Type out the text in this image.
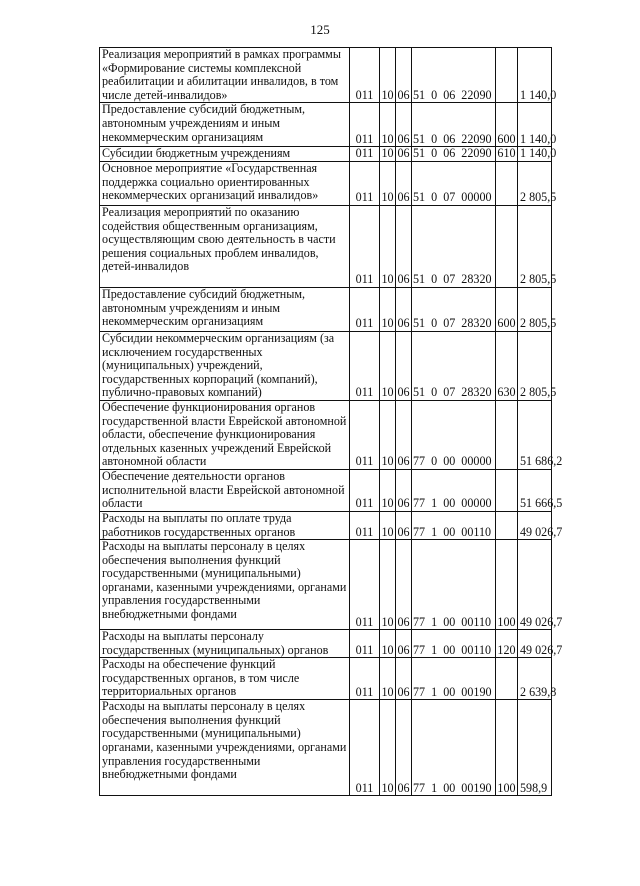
125
Реализация мероприятий в рамках программы «Формирование системы комплексной реабилитации и абилитации инвалидов, в том числе детей-инвалидов»	011	10	06	51 0 06 22090		1 140,0

Предоставление субсидий бюджетным, автономным учреждениям и иным некоммерческим организациям	011	10	06	51 0 06 22090	600	1 140,0

Субсидии бюджетным учреждениям	011	10	06	51 0 06 22090	610	1 140,0

Основное мероприятие «Государственная поддержка социально ориентированных некоммерческих организаций инвалидов»	011	10	06	51 0 07 00000		2 805,5

Реализация мероприятий по оказанию содействия общественным организациям, осуществляющим свою деятельность в части решения социальных проблем инвалидов, детей-инвалидов	011	10	06	51 0 07 28320		2 805,5

Предоставление субсидий бюджетным, автономным учреждениям и иным некоммерческим организациям	011	10	06	51 0 07 28320	600	2 805,5

Субсидии некоммерческим организациям (за исключением государственных (муниципальных) учреждений, государственных корпораций (компаний), публично-правовых компаний)	011	10	06	51 0 07 28320	630	2 805,5

Обеспечение функционирования органов государственной власти Еврейской автономной области, обеспечение функционирования отдельных казенных учреждений Еврейской автономной области	011	10	06	77 0 00 00000		51 686,2

Обеспечение деятельности органов исполнительной власти Еврейской автономной области	011	10	06	77 1 00 00000		51 666,5

Расходы на выплаты по оплате труда работников государственных органов	011	10	06	77 1 00 00110		49 026,7

Расходы на выплаты персоналу в целях обеспечения выполнения функций государственными (муниципальными) органами, казенными учреждениями, органами управления государственными внебюджетными фондами	011	10	06	77 1 00 00110	100	49 026,7

Расходы на выплаты персоналу государственных (муниципальных) органов	011	10	06	77 1 00 00110	120	49 026,7

Расходы на обеспечение функций государственных органов, в том числе территориальных органов	011	10	06	77 1 00 00190		2 639,8

Расходы на выплаты персоналу в целях обеспечения выполнения функций государственными (муниципальными) органами, казенными учреждениями, органами управления государственными внебюджетными фондами	011	10	06	77 1 00 00190	100	598,9
